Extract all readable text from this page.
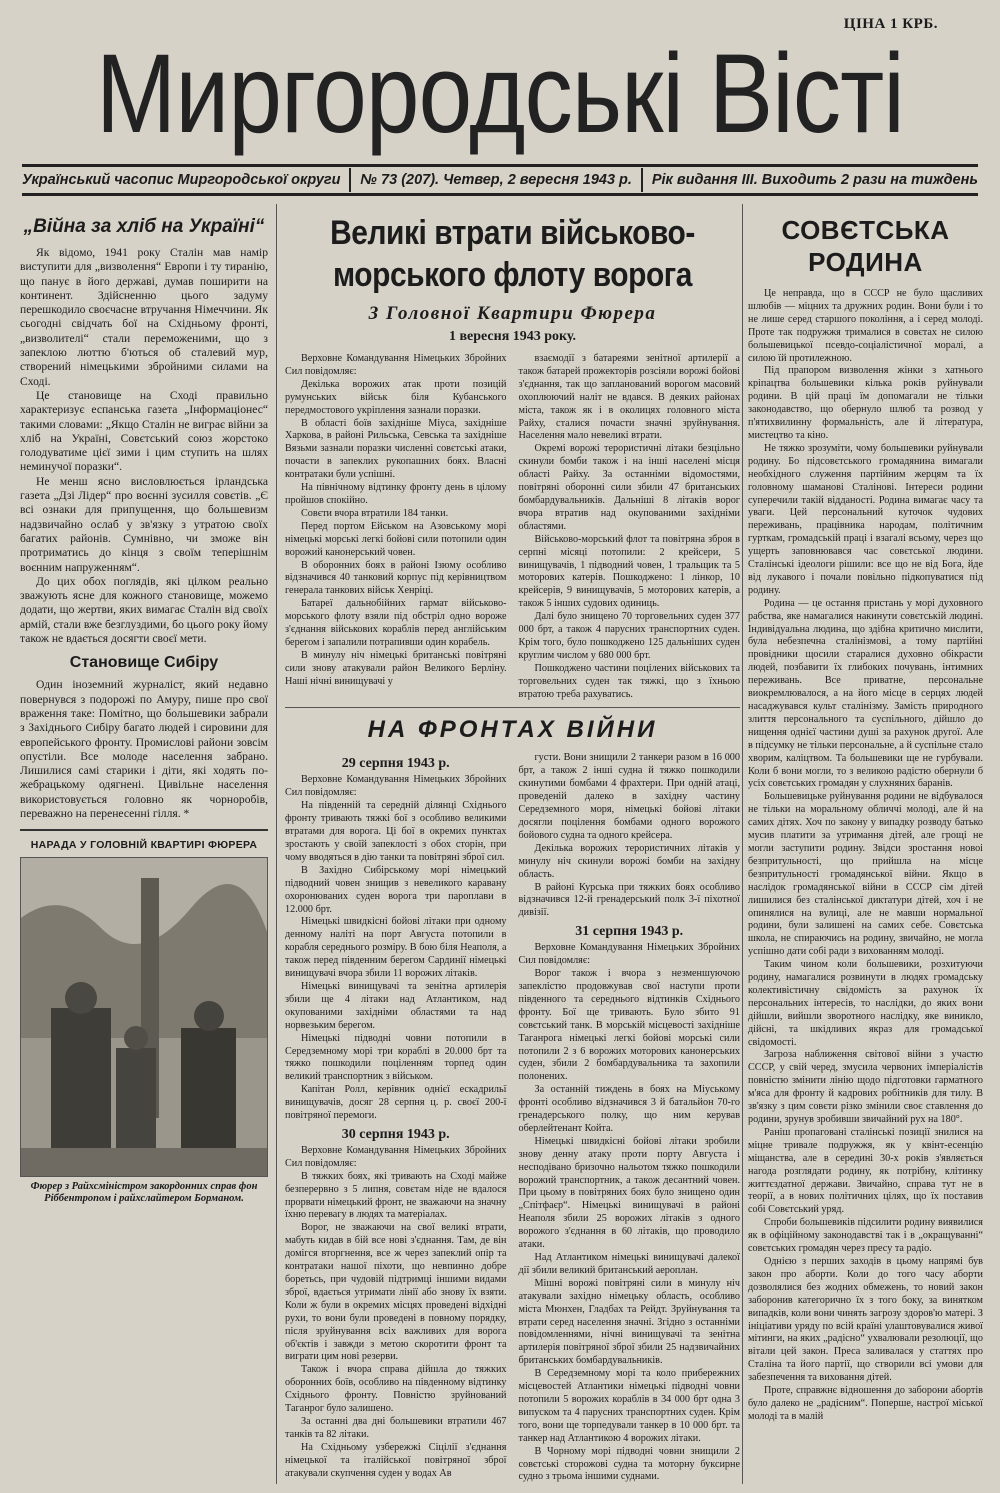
ЦІНА 1 КРБ.
Миргородські Вісті
Український часопис Миргородської округи № 73 (207). Четвер, 2 вересня 1943 р. Рік видання III. Виходить 2 рази на тиждень
„Війна за хліб на Україні“

Як відомо, 1941 року Сталін мав намір виступити для „визволення“ Европи і ту тиранію, що панує в його державі, думав поширити на континент. Здійсненню цього задуму перешкодило своєчасне втручання Німеччини. Як сьогодні свідчать бої на Східньому фронті, „визволителі“ стали переможеними, що з запеклою люттю б'ються об сталевий мур, створений німецькими збройними силами на Сході.

Це становище на Сході правильно характеризує еспанська газета „Інформаціонес“ такими словами: „Якщо Сталін не виграє війни за хліб на Україні, Совєтський союз жорстоко голодуватиме цієї зими і цим ступить на шлях неминучої поразки“.

Не менш ясно висловлюється ірландська газета „Дзі Лідер“ про воєнні зусилля совєтів. „Є всі ознаки для припущення, що большевизм надзвичайно ослаб у зв'язку з утратою своїх багатих районів. Сумнівно, чи зможе він протриматись до кінця з своїм теперішнім воєнним напруженням“.

До цих обох поглядів, які цілком реально зважують ясне для кожного становище, можемо додати, що жертви, яких вимагає Сталін від своїх армій, стали вже безглуздими, бо цього року йому також не вдається досягти своєї мети.

Становище Сибіру

Один іноземний журналіст, який недавно повернувся з подорожі по Амуру, пише про свої враження таке: Помітно, що большевики забрали з Західнього Сибіру багато людей і сировини для европейського фронту. Промислові райони зовсім опустіли. Все молоде населення забрано. Лишилися самі старики і діти, які ходять по-жебрацькому одягнені. Цивільне населення використовується головно як чорноробів, переважно на перенесенні гілля. *

НАРАДА У ГОЛОВНІЙ КВАРТИРІ ФЮРЕРА
Фюрер з Райхсміністром закордонних справ фон Ріббентропом і райхслайтером Борманом.
Великі втрати військово-морського флоту ворога
З Головної Квартири Фюрера
1 вересня 1943 року.

Верховне Командування Німецьких Збройних Сил повідомляє:

Декілька ворожих атак проти позицій румунських військ біля Кубанського передмостового укріплення зазнали поразки.

В області боїв західніше Міуса, західніше Харкова, в районі Рильська, Севська та західніше Вязьми зазнали поразки численні совєтські атаки, почасти в запеклих рукопашних боях. Власні контратаки були успішні.

На північному відтинку фронту день в цілому пройшов спокійно.

Совєти вчора втратили 184 танки.

Перед портом Ейськом на Азовському морі німецькі морські легкі бойові сили потопили один ворожий канонерський човен.

В оборонних боях в районі Ізюму особливо відзначився 40 танковий корпус під керівництвом генерала танкових військ Хенріці.

Батареї дальнобійних гармат військово-морського флоту взяли під обстріл одно вороже з'єднання військових кораблів перед англійським берегом і запалили потрапивши один корабель.

В минулу ніч німецькі британські повітряні сили знову атакували район Великого Берліну. Наші нічні винищувачі у

взаємодії з батареями зенітної артилерії а також батарей прожекторів розсіяли ворожі бойові з'єднання, так що запланований ворогом масовий охоплюючий наліт не вдався. В деяких районах міста, також як і в околицях головного міста Райху, сталися почасти значні зруйнування. Населення мало невеликі втрати.

Окремі ворожі терористичні літаки безцільно скинули бомби також і на інші населені місця області Райху. За останніми відомостями, повітряні оборонні сили збили 47 британських бомбардувальників. Дальніші 8 літаків ворог вчора втратив над окупованими західніми областями.

Військово-морський флот та повітряна зброя в серпні місяці потопили: 2 крейсери, 5 винищувачів, 1 підводний човен, 1 тральщик та 5 моторових катерів. Пошкоджено: 1 лінкор, 10 крейсерів, 9 винищувачів, 5 моторових катерів, а також 5 інших судових одиниць.

Далі було знищено 70 торговельних суден 377 000 брт, а також 4 парусних транспортних суден. Крім того, було пошкоджено 125 дальніших суден круглим числом у 680 000 брт.

Пошкоджено частини поцілених військових та торговельних суден так тяжкі, що з їхньою втратою треба рахуватись.

НА ФРОНТАХ ВІЙНИ
29 серпня 1943 р.

Верховне Командування Німецьких Збройних Сил повідомляє:

На південній та середній ділянці Східнього фронту тривають тяжкі бої з особливо великими втратами для ворога. Ці бої в окремих пунктах зростають у своїй запеклості з обох сторін, при чому вводяться в дію танки та повітряні зброї сил.

В Західно Сибірському морі німецький підводний човен знищив з невеликого каравану охоронюваних суден ворога три пароплави в 12.000 брт.

Німецькі швидкісні бойові літаки при одному денному наліті на порт Августа потопили в корабля середнього розміру. В бою біля Неаполя, а також перед південним берегом Сардинії німецькі винищувачі вчора збили 11 ворожих літаків.

Німецькі винищувачі та зенітна артилерія збили ще 4 літаки над Атлантиком, над окупованими західніми областями та над норвезьким берегом.

Німецькі підводні човни потопили в Середземному морі три кораблі в 20.000 брт та тяжко пошкодили поціленням торпед один великий транспортник з військом.

Капітан Ролл, керівник однієї ескадрильї винищувачів, досяг 28 серпня ц. р. своєї 200-ї повітряної перемоги.

30 серпня 1943 р.

Верховне Командування Німецьких Збройних Сил повідомляє:

В тяжких боях, які тривають на Сході майже безперервно з 5 липня, совєтам ніде не вдалося прорвати німецький фронт, не зважаючи на значну їхню перевагу в людях та матеріалах.

Ворог, не зважаючи на свої великі втрати, мабуть кидав в бій все нові з'єднання. Там, де він домігся вторгнення, все ж через запеклий опір та контратаки нашої піхоти, що невпинно добре боретьсь, при чудовій підтримці іншими видами зброї, вдається утримати лінії або знову їх взяти. Коли ж були в окремих місцях проведені відхідні рухи, то вони були проведені в повному порядку, після зруйнування всіх важливих для ворога об'єктів і завжди з метою скоротити фронт та виграти цим нові резерви.

Також і вчора справа дійшла до тяжких оборонних боїв, особливо на південному відтинку Східнього фронту. Повністю зруйнований Таганрог було залишено.

За останні два дні большевики втратили 467 танків та 82 літаки.

На Східньому узбережжі Сіцілії з'єднання німецької та італійської повітряної зброї атакували скупчення суден у водах Ав

густи. Вони знищили 2 танкери разом в 16 000 брт, а також 2 інші судна й тяжко пошкодили скинутими бомбами 4 фрахтери. При одній атаці, проведеній далеко в західну частину Середземного моря, німецькі бойові літаки досягли поцілення бомбами одного ворожого бойового судна та одного крейсера.

Декілька ворожих терористичних літаків у минулу ніч скинули ворожі бомби на західну область.

В районі Курська при тяжких боях особливо відзначився 12-й гренадерський полк 3-ї піхотної дивізії.

31 серпня 1943 р.

Верховне Командування Німецьких Збройних Сил повідомляє:

Ворог також і вчора з незменшуючою запеклістю продовжував свої наступи проти південного та середнього відтинків Східнього фронту. Бої ще тривають. Було збито 91 совєтський танк. В морській місцевості західніше Таганрога німецькі легкі бойові морські сили потопили 2 з 6 ворожих моторових канонерських суден, збили 2 бомбардувальника та захопили полонених.

За останній тиждень в боях на Міуському фронті особливо відзначився 3 й батальйон 70-го гренадерського полку, що ним керував оберлейтенант Койта.

Німецькі швидкісні бойові літаки зробили знову денну атаку проти порту Августа і несподівано бризочно нальотом тяжко пошкодили ворожий транспортник, а також десантний човен. При цьому в повітряних боях було знищено один „Спітфаєр“. Німецькі винищувачі в районі Неаполя збили 25 ворожих літаків з одного ворожого з'єднання в 60 літаків, що проводило атаки.

Над Атлантиком німецькі винищувачі далекої дії збили великий британський аероплан.

Мішні ворожі повітряні сили в минулу ніч атакували західно німецьку область, особливо міста Мюнхен, Гладбах та Рейдт. Зруйнування та втрати серед населення значні. Згідно з останніми повідомленнями, нічні винищувачі та зенітна артилерія повітряної зброї збили 25 надзвичайних британських бомбардувальників.

В Середземному морі та коло прибережних місцевостей Атлантики німецькі підводні човни потопили 5 ворожих кораблів в 34 000 брт одна 3 випуском та 4 парусних транспортних суден. Крім того, вони ще торпедували танкер в 10 000 брт. та танкер над Атлантикою 4 ворожих літаки.

В Чорному морі підводні човни знищили 2 совєтські сторожові судна та моторну буксирне судно з трьома іншими суднами.

СОВЄТСЬКА РОДИНА

Це неправда, що в СССР не було щасливих шлюбів — міцних та дружних родин. Вони були і то не лише серед старшого покоління, а і серед молоді. Проте так подружжя трималися в совєтах не силою большевицької псевдо-соціалістичної моралі, а силою їй протилежною.

Під прапором визволення жінки з хатнього кріпацтва большевики кілька років руйнували родини. В цій праці їм допомагали не тільки законодавство, що обернуло шлюб та розвод у п'ятихвилинну формальність, але й література, мистецтво та кіно.

Не тяжко зрозуміти, чому большевики руйнували родину. Бо підсовєтського громадянина вимагали необхідного служення партійним жерцям та їх головному шаманові Сталінові. Інтереси родини суперечили такій відданості. Родина вимагає часу та уваги. Цей персональний куточок чудових переживань, працівника народам, політичним гурткам, громадській праці і взагалі всьому, через що ущерть заповнювався час совєтської людини. Сталінські ідеологи рішили: все що не від Бога, йде від лукавого і почали повільно підкопуватися під родину.

Родина — це остання пристань у морі духовного рабства, яке намагалися накинути совєтській людині. Індивідуальна людина, що здібна критично мислити, була небезпечна сталінізмові, а тому партійні провідники щосили старалися духовно обікрасти людей, позбавити їх глибоких почувань, інтимних переживань. Все приватне, персональне виокремлювалося, а на його місце в серцях людей насаджувався культ сталінізму. Замість природного злиття персонального та суспільного, дійшло до нищення однієї частини душі за рахунок другої. Але в підсумку не тільки персональне, а й суспільне стало хворим, каліцтвом. Та большевики ще не гурбували. Коли б вони могли, то з великою радістю обернули б усіх совєтських громадян у слухняних баранів.

Большевицьке руйнування родини не відбувалося не тільки на моральному обличчі молоді, але й на самих дітях. Хоч по закону у випадку розводу батько мусив платити за утримання дітей, але грощі не могли заступити родину. Звідси зростання новоі безпритульності, що прийшла на місце безпритульності громадянської війни. Якщо в наслідок громадянської війни в СССР сім дітей лишилися без сталінської диктатури дітей, хоч і не опинялися на вулиці, але не мавши нормальної родини, були залишені на самих себе. Совєтська школа, не спираючись на родину, звичайно, не могла успішно дати собі ради з вихованням молоді.

Таким чином коли большевики, розхитуючи родину, намагалися розвинути в людях громадську колективістичну свідомість за рахунок їх персональних інтересів, то наслідки, до яких вони дійшли, вийшли зворотного наслідку, яке виникло, дійсні, та шкідливих якраз для громадської свідомості.

Загроза наближення світової війни з участю СССР, у свій черед, змусила червоних імперіалістів повністю змінити лінію щодо підготовки гарматного м'яса для фронту й кадрових робітників для тилу. В зв'язку з цим совєти різко змінили своє ставлення до родини, зрунув зробивши звичайний рух на 180°.

Раніш пропаговані сталінські позиції знилися на міцне тривале подружжя, як у квінт-есенцію міщанства, але в середині 30-х років з'являється нагода розглядати родину, як потрібну, клітинку життєздатної держави. Звичайно, справа тут не в теорії, а в нових політичних цілях, що їх поставив собі Совєтський уряд.

Спроби большевиків підсилити родину виявилися як в офіційному законодавстві так і в „окращуванні“ совєтських громадян через пресу та радіо.

Однією з перших заходів в цьому напрямі був закон про аборти. Коли до того часу аборти дозволялися без жодних обмежень, то новий закон заборонив категорично їх з того боку, за винятком випадків, коли вони чинять загрозу здоров'ю матері. З ініціативи уряду по всій країні улаштовувалися живої мітинги, на яких „радісно“ ухвалювали резолюції, що вітали цей закон. Преса заливалася у статтях про Сталіна та його партії, що створили всі умови для забезпечення та виховання дітей.

Проте, справжнє відношення до заборони абортів було далеко не „радісним“. Поперше, настрої міської молоді та в малій
